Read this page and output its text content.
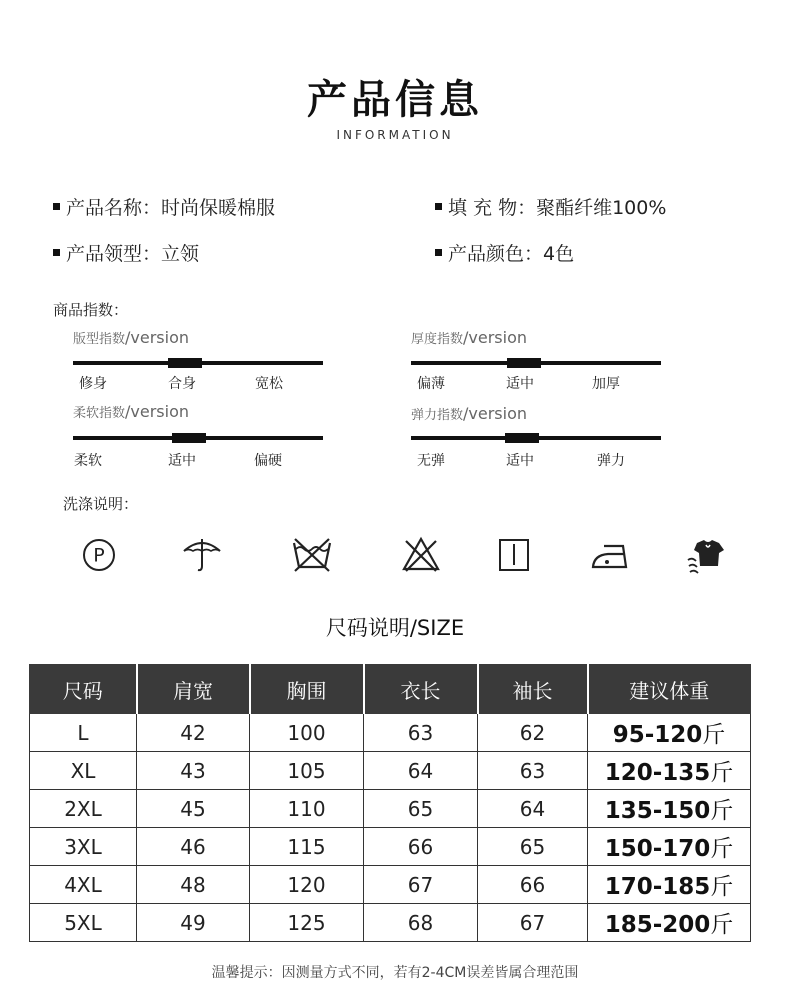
产品信息
INFORMATION
产品名称：时尚保暖棉服	填 充 物：聚酯纤维100%
产品领型：立领	产品颜色：4色
商品指数：
版型指数/version
修身	合身	宽松
厚度指数/version
偏薄	适中	加厚
柔软指数/version
柔软	适中	偏硬
弹力指数/version
无弹	适中	弹力
洗涤说明：
P
尺码说明/SIZE
尺码	肩宽	胸围	衣长	袖长	建议体重
L	42	100	63	62	95-120斤
XL	43	105	64	63	120-135斤
2XL	45	110	65	64	135-150斤
3XL	46	115	66	65	150-170斤
4XL	48	120	67	66	170-185斤
5XL	49	125	68	67	185-200斤
温馨提示：因测量方式不同，若有2-4CM误差皆属合理范围
